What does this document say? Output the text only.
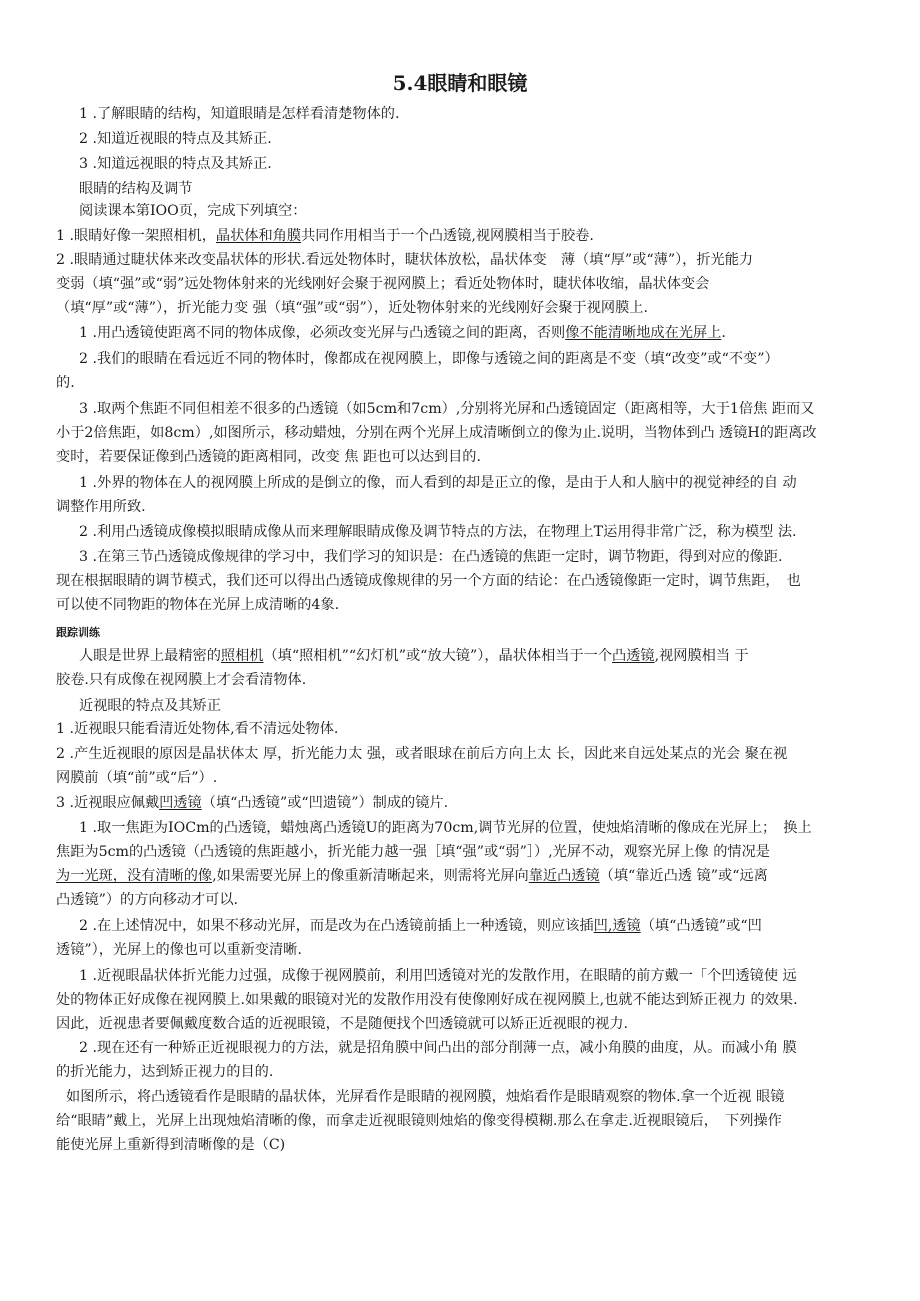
5.4眼睛和眼镜
1 .了解眼睛的结构，知道眼睛是怎样看清楚物体的.
2 .知道近视眼的特点及其矫正.
3 .知道远视眼的特点及其矫正.
眼睛的结构及调节
阅读课本第IOO页，完成下列填空：
1 .眼睛好像一架照相机，晶状体和角膜共同作用相当于一个凸透镜,视网膜相当于胶卷.
2 .眼睛通过睫状体来改变晶状体的形状.看远处物体时，睫状体放松，晶状体变　薄（填“厚”或“薄”），折光能力
变弱（填“强”或“弱”远处物体射来的光线刚好会聚于视网膜上；看近处物体时，睫状体收缩，晶状体变会
（填“厚”或“薄”），折光能力变 强（填“强”或“弱”），近处物体射来的光线刚好会聚于视网膜上.
1 .用凸透镜使距离不同的物体成像，必须改变光屏与凸透镜之间的距离，否则像不能清晰地成在光屏上.
2 .我们的眼睛在看远近不同的物体时，像都成在视网膜上，即像与透镜之间的距离是不变（填“改变”或“不变”）
的.
3 .取两个焦距不同但相差不很多的凸透镜（如5cm和7cm）,分别将光屏和凸透镜固定（距离相等，大于1倍焦 距而又
小于2倍焦距，如8cm）,如图所示，移动蜡烛，分别在两个光屏上成清晰倒立的像为止.说明，当物体到凸 透镜H的距离改
变时，若要保证像到凸透镜的距离相同，改变 焦 距也可以达到目的.
1 .外界的物体在人的视网膜上所成的是倒立的像，而人看到的却是正立的像，是由于人和人脑中的视觉神经的自 动
调整作用所致.
2 .利用凸透镜成像模拟眼睛成像从而来理解眼睛成像及调节特点的方法，在物理上T运用得非常广泛，称为模型 法.
3 .在第三节凸透镜成像规律的学习中，我们学习的知识是：在凸透镜的焦距一定时，调节物距，得到对应的像距.
现在根据眼睛的调节模式，我们还可以得出凸透镜成像规律的另一个方面的结论：在凸透镜像距一定时，调节焦距，　也
可以使不同物距的物体在光屏上成清晰的4象.
跟踪训练
人眼是世界上最精密的照相机（填“照相机”“幻灯机”或“放大镜”），晶状体相当于一个凸透镜,视网膜相当 于
胶卷.只有成像在视网膜上才会看清物体.
近视眼的特点及其矫正
1 .近视眼只能看清近处物体,看不清远处物体.
2 .产生近视眼的原因是晶状体太 厚，折光能力太 强，或者眼球在前后方向上太 长，因此来自远处某点的光会 聚在视
网膜前（填“前”或“后”）.
3 .近视眼应佩戴凹透镜（填“凸透镜”或“凹遗镜”）制成的镜片.
1 .取一焦距为IOCm的凸透镜，蜡烛离凸透镜U的距离为70cm,调节光屏的位置，使烛焰清晰的像成在光屏上；　换上
焦距为5cm的凸透镜（凸透镜的焦距越小，折光能力越一强［填“强”或“弱”］）,光屏不动，观察光屏上像 的情况是
为一光斑，没有清晰的像,如果需要光屏上的像重新清晰起来，则需将光屏向靠近凸透镜（填“靠近凸透 镜”或“远离
凸透镜”）的方向移动才可以.
2 .在上述情况中，如果不移动光屏，而是改为在凸透镜前插上一种透镜，则应该插凹,透镜（填“凸透镜”或“凹
透镜”），光屏上的像也可以重新变清晰.
1 .近视眼晶状体折光能力过强，成像于视网膜前，利用凹透镜对光的发散作用，在眼睛的前方戴一「个凹透镜使 远
处的物体正好成像在视网膜上.如果戴的眼镜对光的发散作用没有使像刚好成在视网膜上,也就不能达到矫正视力 的效果.
因此，近视患者要佩戴度数合适的近视眼镜，不是随便找个凹透镜就可以矫正近视眼的视力.
2 .现在还有一种矫正近视眼视力的方法，就是招角膜中间凸出的部分削薄一点，减小角膜的曲度，从。而减小角 膜
的折光能力，达到矫正视力的目的.
如图所示，将凸透镜看作是眼睛的晶状体，光屏看作是眼睛的视网膜，烛焰看作是眼睛观察的物体.拿一个近视 眼镜
给“眼睛”戴上，光屏上出现烛焰清晰的像，而拿走近视眼镜则烛焰的像变得模糊.那么在拿走.近视眼镜后，　下列操作
能使光屏上重新得到清晰像的是（C)
